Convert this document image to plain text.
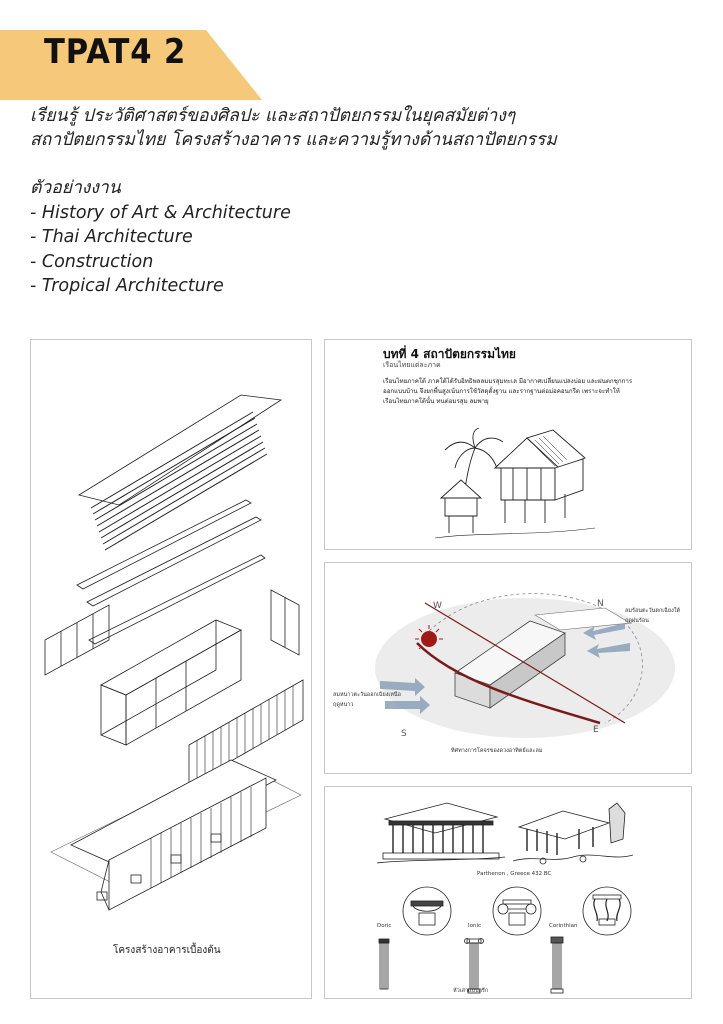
TPAT4 2

เรียนรู้ ประวัติศาสตร์ของศิลปะ และสถาปัตยกรรมในยุคสมัยต่างๆ

สถาปัตยกรรมไทย โครงสร้างอาคาร และความรู้ทางด้านสถาปัตยกรรม

ตัวอย่างงาน
- History of Art & Architecture
- Thai Architecture
- Construction
- Tropical Architecture
โครงสร้างอาคารเบื้องต้น
บทที่ 4 สถาปัตยกรรมไทย
เรือนไทยแต่ละภาค
เรือนไทยภาคใต้ ภาคใต้ได้รับอิทธิพลลมมรสุมทะเล มีอากาศเปลี่ยนแปลงบ่อย และฝนตกชุกการออกแบบบ้าน จึงยกพื้นสูงเน้นการใช้วัสดุตั้งฐาน และรากฐานต่อม่อคอนกรีต เพราะจะทำให้เรือนไทยภาคใต้นั้น ทนต่อมรสุม ลมพายุ
W	N
S	E
ลมร้อนตะวันตกเฉียงใต้
ฤดูฝนร้อน
ลมหนาวตะวันออกเฉียงเหนือ
ฤดูหนาว
ทิศทางการโคจรของดวงอาทิตย์และลม
Parthenon , Greece 432 BC
Doric	Ionic	Corinthian
หัวเสาแบบกรีก
